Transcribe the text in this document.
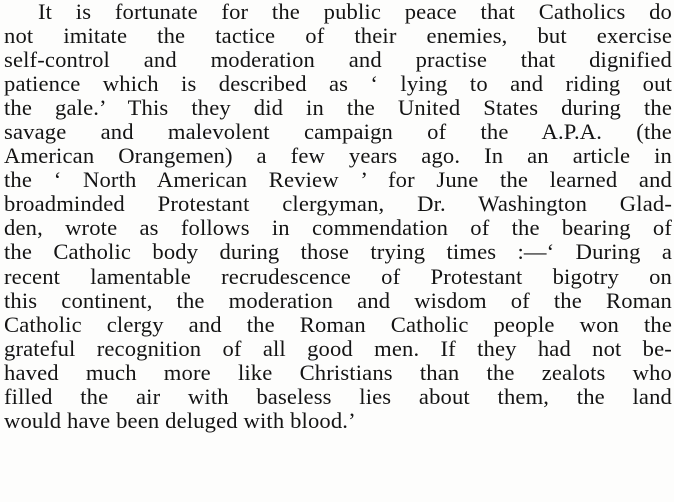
It is fortunate for the public peace that Catholics do
not imitate the tactice of their enemies, but exercise
self-control and moderation and practise that dignified
patience which is described as ‘ lying to and riding out
the gale.’ This they did in the United States during the
savage and malevolent campaign of the A.P.A. (the
American Orangemen) a few years ago. In an article in
the ‘ North American Review ’ for June the learned and
broadminded Protestant clergyman, Dr. Washington Glad-
den, wrote as follows in commendation of the bearing of
the Catholic body during those trying times :—‘ During a
recent lamentable recrudescence of Protestant bigotry on
this continent, the moderation and wisdom of the Roman
Catholic clergy and the Roman Catholic people won the
grateful recognition of all good men. If they had not be-
haved much more like Christians than the zealots who
filled the air with baseless lies about them, the land
would have been deluged with blood.’
